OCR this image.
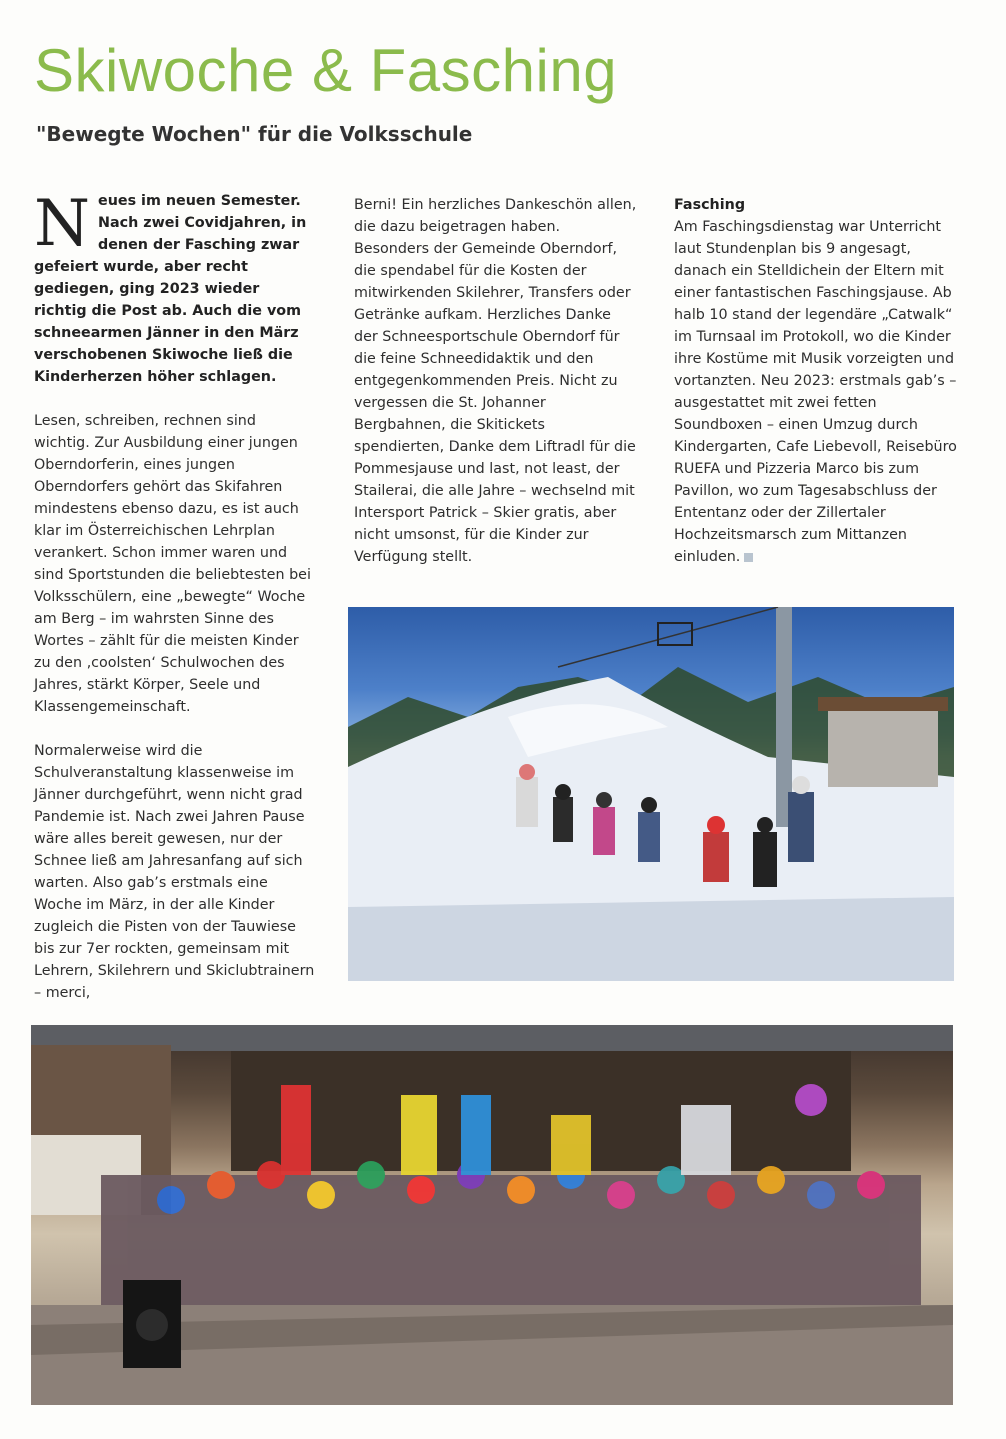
Skiwoche & Fasching
"Bewegte Wochen" für die Volksschule
Neues im neuen Semester. Nach zwei Covidjahren, in denen der Fasching zwar gefeiert wurde, aber recht gediegen, ging 2023 wieder richtig die Post ab. Auch die vom schneearmen Jänner in den März verschobenen Skiwoche ließ die Kinderherzen höher schlagen.

Lesen, schreiben, rechnen sind wichtig. Zur Ausbildung einer jungen Oberndorferin, eines jungen Oberndorfers gehört das Skifahren mindestens ebenso dazu, es ist auch klar im Österreichischen Lehrplan verankert. Schon immer waren und sind Sportstunden die beliebtesten bei Volksschülern, eine „bewegte“ Woche am Berg – im wahrsten Sinne des Wortes – zählt für die meisten Kinder zu den ‚coolsten‘ Schulwochen des Jahres, stärkt Körper, Seele und Klassengemeinschaft.

Normalerweise wird die Schulveranstaltung klassenweise im Jänner durchgeführt, wenn nicht grad Pandemie ist. Nach zwei Jahren Pause wäre alles bereit gewesen, nur der Schnee ließ am Jahresanfang auf sich warten. Also gab’s erstmals eine Woche im März, in der alle Kinder zugleich die Pisten von der Tauwiese bis zur 7er rockten, gemeinsam mit Lehrern, Skilehrern und Skiclubtrainern – merci,

Berni! Ein herzliches Dankeschön allen, die dazu beigetragen haben. Besonders der Gemeinde Oberndorf, die spendabel für die Kosten der mitwirkenden Skilehrer, Transfers oder Getränke aufkam. Herzliches Danke der Schneesportschule Oberndorf für die feine Schneedidaktik und den entgegenkommenden Preis. Nicht zu vergessen die St. Johanner Bergbahnen, die Skitickets spendierten, Danke dem Liftradl für die Pommesjause und last, not least, der Stailerai, die alle Jahre – wechselnd mit Intersport Patrick – Skier gratis, aber nicht umsonst, für die Kinder zur Verfügung stellt.

Fasching

Am Faschingsdienstag war Unterricht laut Stundenplan bis 9 angesagt, danach ein Stelldichein der Eltern mit einer fantastischen Faschingsjause. Ab halb 10 stand der legendäre „Catwalk“ im Turnsaal im Protokoll, wo die Kinder ihre Kostüme mit Musik vorzeigten und vortanzten. Neu 2023: erstmals gab’s – ausgestattet mit zwei fetten Soundboxen – einen Umzug durch Kindergarten, Cafe Liebevoll, Reisebüro RUEFA und Pizzeria Marco bis zum Pavillon, wo zum Tagesabschluss der Ententanz oder der Zillertaler Hochzeitsmarsch zum Mittanzen einluden.
